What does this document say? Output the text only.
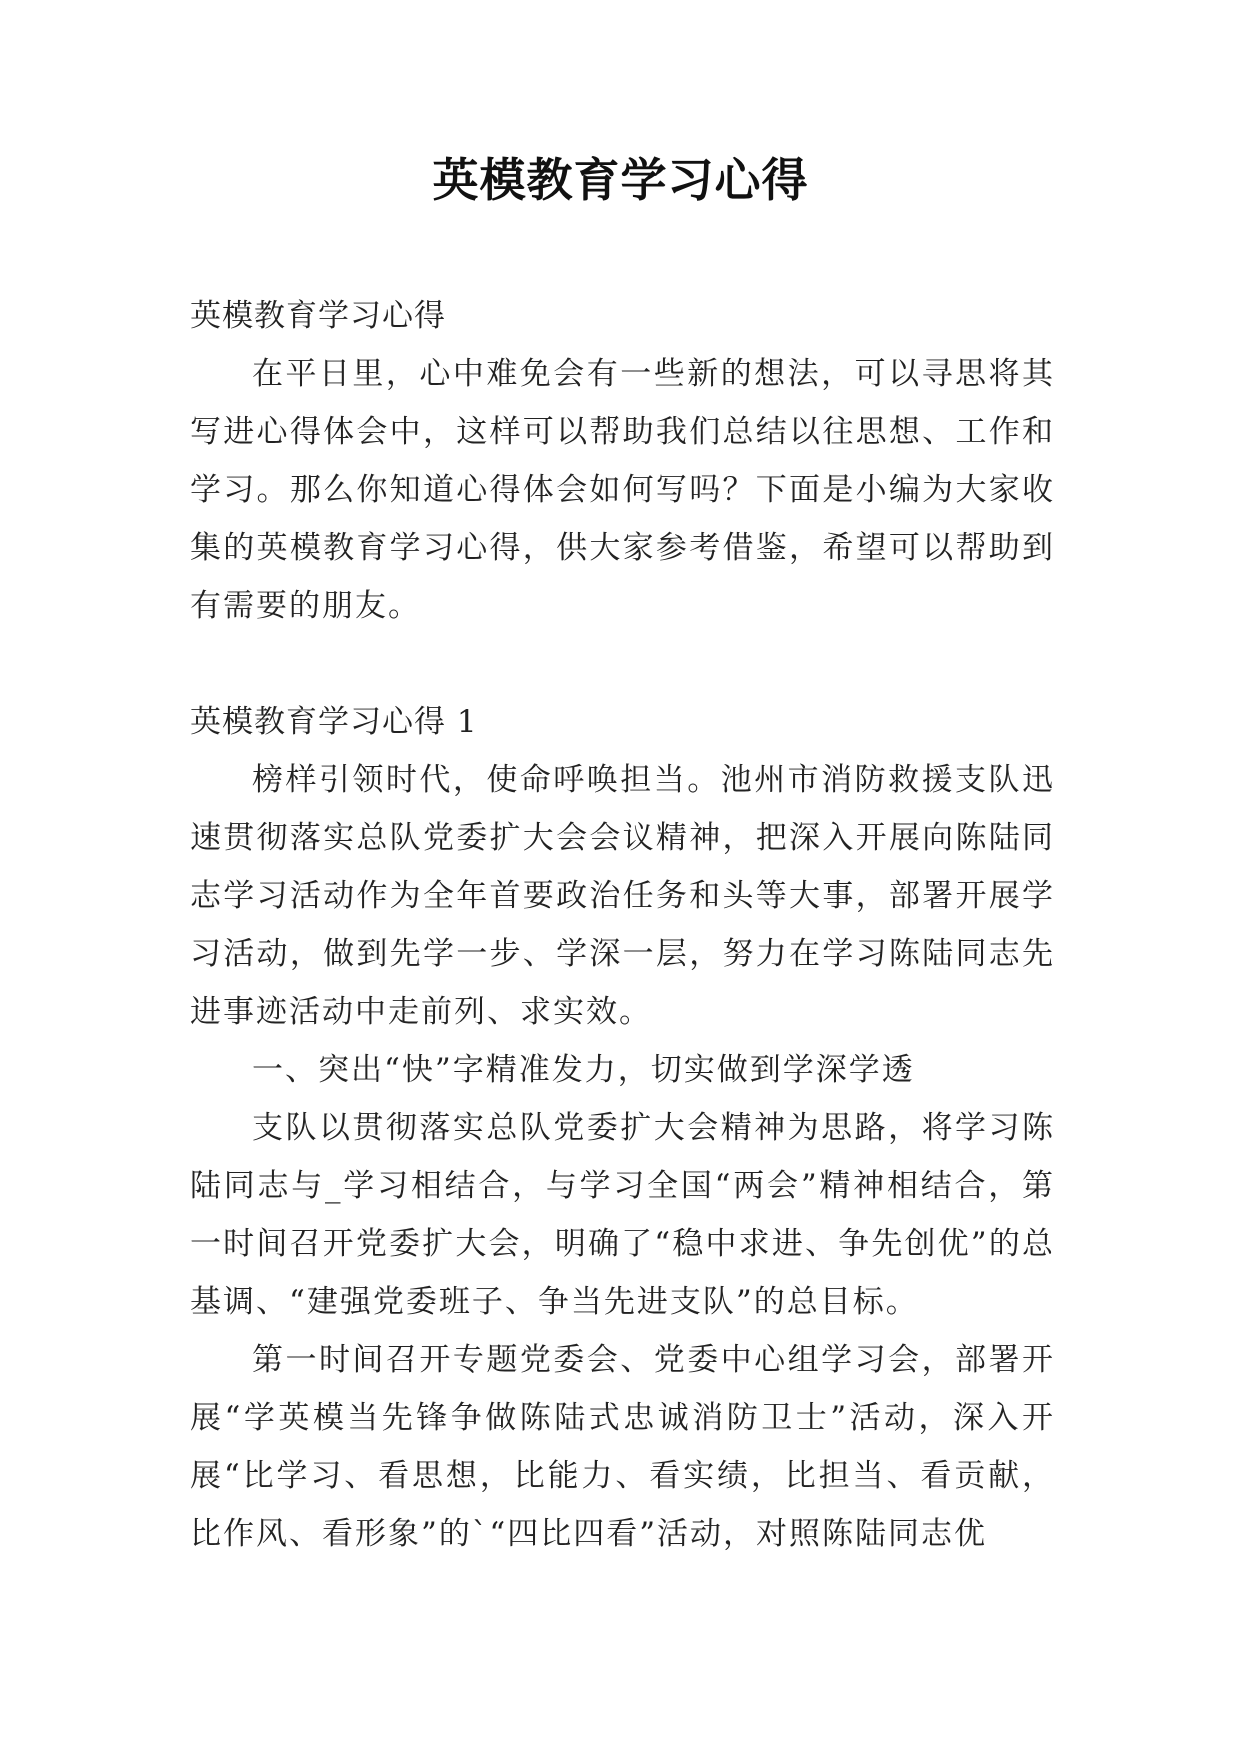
英模教育学习心得

英模教育学习心得

在平日里，心中难免会有一些新的想法，可以寻思将其写进心得体会中，这样可以帮助我们总结以往思想、工作和学习。那么你知道心得体会如何写吗？下面是小编为大家收集的英模教育学习心得，供大家参考借鉴，希望可以帮助到有需要的朋友。

英模教育学习心得 1

榜样引领时代，使命呼唤担当。池州市消防救援支队迅速贯彻落实总队党委扩大会会议精神，把深入开展向陈陆同志学习活动作为全年首要政治任务和头等大事，部署开展学习活动，做到先学一步、学深一层，努力在学习陈陆同志先进事迹活动中走前列、求实效。

一、突出“快”字精准发力，切实做到学深学透

支队以贯彻落实总队党委扩大会精神为思路，将学习陈陆同志与_学习相结合，与学习全国“两会”精神相结合，第一时间召开党委扩大会，明确了“稳中求进、争先创优”的总基调、“建强党委班子、争当先进支队”的总目标。

第一时间召开专题党委会、党委中心组学习会，部署开展“学英模当先锋争做陈陆式忠诚消防卫士”活动，深入开展“比学习、看思想，比能力、看实绩，比担当、看贡献，比作风、看形象”的`“四比四看”活动，对照陈陆同志优
